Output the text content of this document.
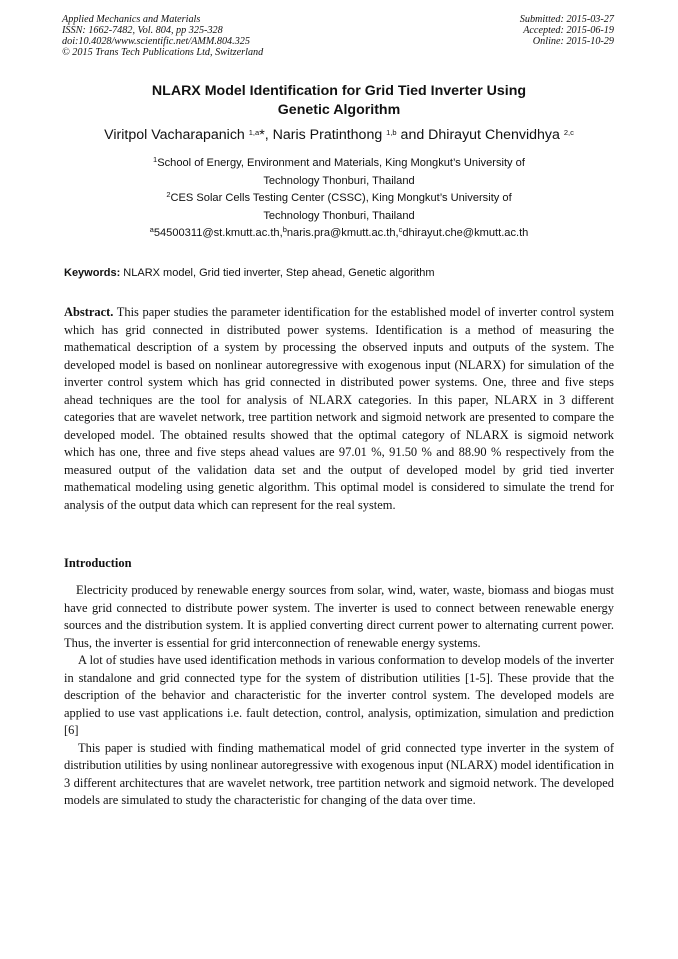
Applied Mechanics and Materials
ISSN: 1662-7482, Vol. 804, pp 325-328
doi:10.4028/www.scientific.net/AMM.804.325
© 2015 Trans Tech Publications Ltd, Switzerland
Submitted: 2015-03-27
Accepted: 2015-06-19
Online: 2015-10-29
NLARX Model Identification for Grid Tied Inverter Using
Genetic Algorithm
Viritpol Vacharapanich $^{1,a}$*, Naris Pratinthong $^{1,b}$ and Dhirayut Chenvidhya $^{2,c}$

$^1$School of Energy, Environment and Materials, King Mongkut’s University of

Technology Thonburi, Thailand

$^2$CES Solar Cells Testing Center (CSSC), King Mongkut’s University of

Technology Thonburi, Thailand

$^a$54500311@st.kmutt.ac.th,$^b$naris.pra@kmutt.ac.th,$^c$dhirayut.che@kmutt.ac.th

Keywords: NLARX model, Grid tied inverter, Step ahead, Genetic algorithm

Abstract. This paper studies the parameter identification for the established model of inverter control system which has grid connected in distributed power systems. Identification is a method of measuring the mathematical description of a system by processing the observed inputs and outputs of the system. The developed model is based on nonlinear autoregressive with exogenous input (NLARX) for simulation of the inverter control system which has grid connected in distributed power systems. One, three and five steps ahead techniques are the tool for analysis of NLARX categories. In this paper, NLARX in 3 different categories that are wavelet network, tree partition network and sigmoid network are presented to compare the developed model. The obtained results showed that the optimal category of NLARX is sigmoid network which has one, three and five steps ahead values are 97.01 %, 91.50 % and 88.90 % respectively from the measured output of the validation data set and the output of developed model by grid tied inverter mathematical modeling using genetic algorithm. This optimal model is considered to simulate the trend for analysis of the output data which can represent for the real system.

Introduction

Electricity produced by renewable energy sources from solar, wind, water, waste, biomass and biogas must have grid connected to distribute power system. The inverter is used to connect between renewable energy sources and the distribution system. It is applied converting direct current power to alternating current power. Thus, the inverter is essential for grid interconnection of renewable energy systems.

A lot of studies have used identification methods in various conformation to develop models of the inverter in standalone and grid connected type for the system of distribution utilities [1-5]. These provide that the description of the behavior and characteristic for the inverter control system. The developed models are applied to use vast applications i.e. fault detection, control, analysis, optimization, simulation and prediction [6]

This paper is studied with finding mathematical model of grid connected type inverter in the system of distribution utilities by using nonlinear autoregressive with exogenous input (NLARX) model identification in 3 different architectures that are wavelet network, tree partition network and sigmoid network. The developed models are simulated to study the characteristic for changing of the data over time.
